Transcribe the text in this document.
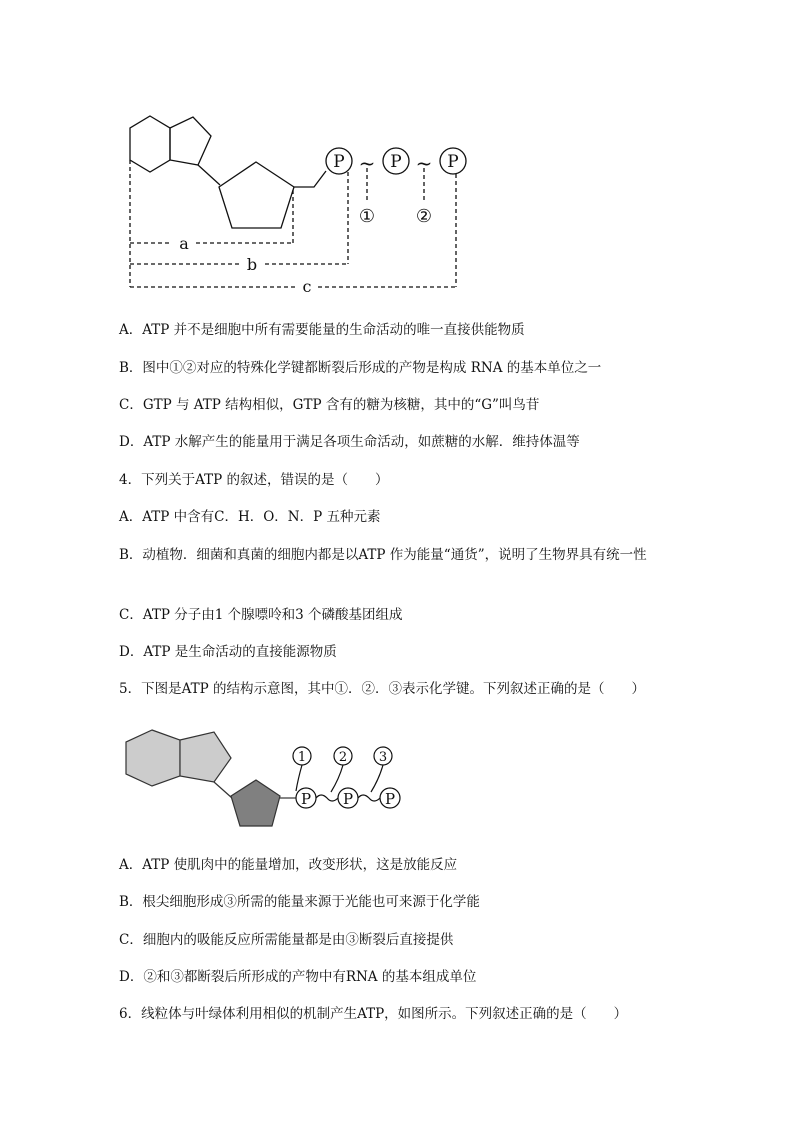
P	P	P
~ ~
① ②
a
b
c
A．ATP 并不是细胞中所有需要能量的生命活动的唯一直接供能物质
B．图中①②对应的特殊化学键都断裂后形成的产物是构成 RNA 的基本单位之一
C．GTP 与 ATP 结构相似，GTP 含有的糖为核糖，其中的“G”叫鸟苷
D．ATP 水解产生的能量用于满足各项生命活动，如蔗糖的水解．维持体温等
4．下列关于ATP 的叙述，错误的是（　　）
A．ATP 中含有C．H．O．N．P 五种元素
B．动植物．细菌和真菌的细胞内都是以ATP 作为能量“通货”，说明了生物界具有统一性
C．ATP 分子由1 个腺嘌呤和3 个磷酸基团组成
D．ATP 是生命活动的直接能源物质
5．下图是ATP 的结构示意图，其中①．②．③表示化学键。下列叙述正确的是（　　）
P P P
1	2 3
A．ATP 使肌肉中的能量增加，改变形状，这是放能反应
B．根尖细胞形成③所需的能量来源于光能也可来源于化学能
C．细胞内的吸能反应所需能量都是由③断裂后直接提供
D．②和③都断裂后所形成的产物中有RNA 的基本组成单位
6．线粒体与叶绿体利用相似的机制产生ATP，如图所示。下列叙述正确的是（　　）
